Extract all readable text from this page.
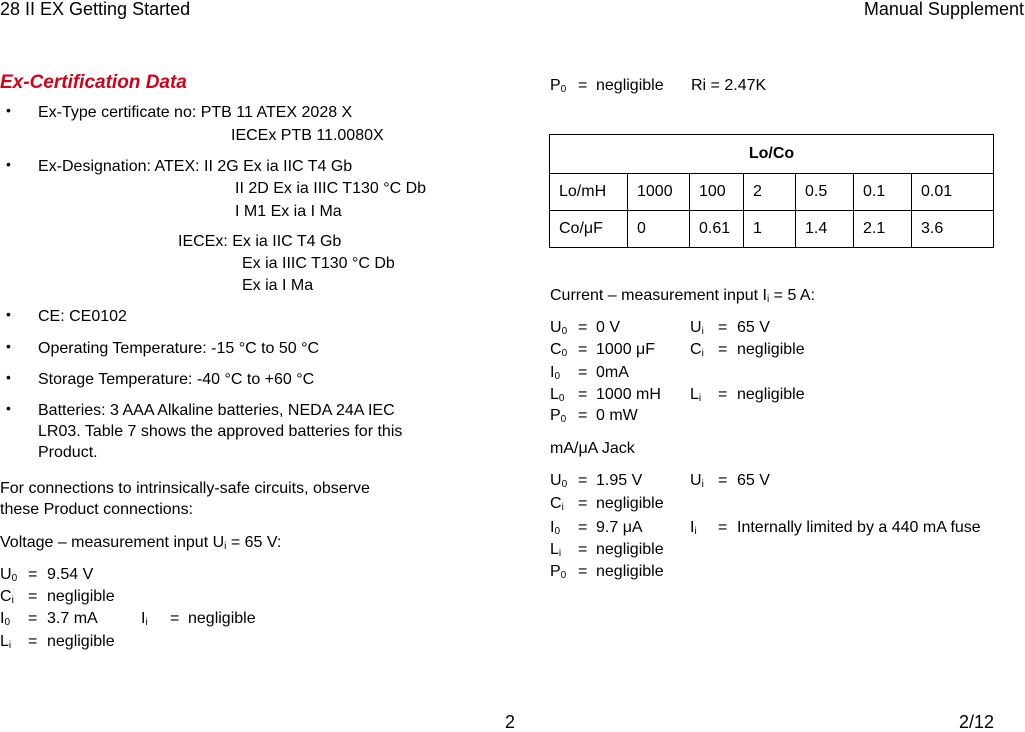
28 II EX Getting Started	Manual Supplement
Ex-Certification Data
• Ex-Type certificate no: PTB 11 ATEX 2028 X
IECEx PTB 11.0080X
• Ex-Designation: ATEX: II 2G Ex ia IIC T4 Gb
II 2D Ex ia IIIC T130 °C Db
I M1 Ex ia I Ma
IECEx: Ex ia IIC T4 Gb
Ex ia IIIC T130 °C Db
Ex ia I Ma
• CE: CE0102
• Operating Temperature: -15 °C to 50 °C
• Storage Temperature: -40 °C to +60 °C
• Batteries: 3 AAA Alkaline batteries, NEDA 24A IEC
LR03. Table 7 shows the approved batteries for this
Product.
For connections to intrinsically-safe circuits, observe
these Product connections:
Voltage – measurement input $U_i = 65$ V:
$U_0 = 9.54$ V
$C_i$ = negligible
$I_0 = 3.7$ mA	$I_i$ = negligible
$L_i$ = negligible
$P_0$ = negligible Ri = 2.47K
Lo/Co						
Lo/mH	1000	100	2	0.5	0.1	0.01
Co/μF	0	0.61	1	1.4	2.1	3.6
Current – measurement input $I_i = 5$ A:
$U_0 = 0$ V	$U_i = 65$ V
$C_0 = 1000$ μF $C_i$ = negligible
$I_0 = 0mA$
$L_0 = 1000$ mH $L_i$ = negligible
$P_0 = 0$ mW
mA/μA Jack
$U_0 = 1.95$ V	$U_i = 65$ V
$C_i$ = negligible
$I_0 = 9.7$ μA	$I_i$ = Internally limited by a 440 mA fuse
$L_i$ = negligible
$P_0$ = negligible
2	2/12
